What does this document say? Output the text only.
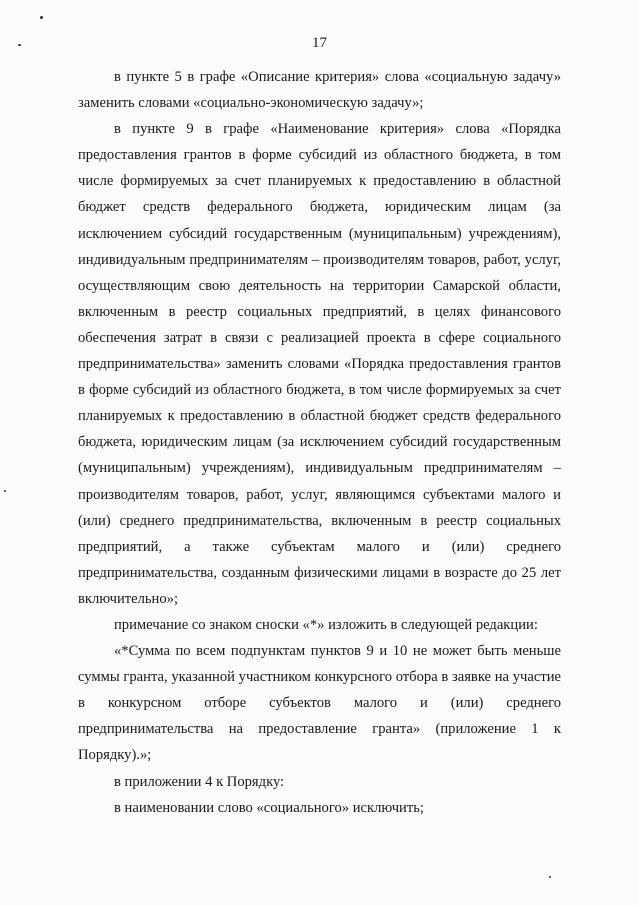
17

в пункте 5 в графе «Описание критерия» слова «социальную задачу» заменить словами «социально-экономическую задачу»;

в пункте 9 в графе «Наименование критерия» слова «Порядка предоставления грантов в форме субсидий из областного бюджета, в том числе формируемых за счет планируемых к предоставлению в областной бюджет средств федерального бюджета, юридическим лицам (за исключением субсидий государственным (муниципальным) учреждениям), индивидуальным предпринимателям – производителям товаров, работ, услуг, осуществляющим свою деятельность на территории Самарской области, включенным в реестр социальных предприятий, в целях финансового обеспечения затрат в связи с реализацией проекта в сфере социального предпринимательства» заменить словами «Порядка предоставления грантов в форме субсидий из областного бюджета, в том числе формируемых за счет планируемых к предоставлению в областной бюджет средств федерального бюджета, юридическим лицам (за исключением субсидий государственным (муниципальным) учреждениям), индивидуальным предпринимателям – производителям товаров, работ, услуг, являющимся субъектами малого и (или) среднего предпринимательства, включенным в реестр социальных предприятий, а также субъектам малого и (или) среднего предпринимательства, созданным физическими лицами в возрасте до 25 лет включительно»;

примечание со знаком сноски «*» изложить в следующей редакции:

«*Сумма по всем подпунктам пунктов 9 и 10 не может быть меньше суммы гранта, указанной участником конкурсного отбора в заявке на участие в конкурсном отборе субъектов малого и (или) среднего предпринимательства на предоставление гранта» (приложение 1 к Порядку).»;

в приложении 4 к Порядку:

в наименовании слово «социального» исключить;
